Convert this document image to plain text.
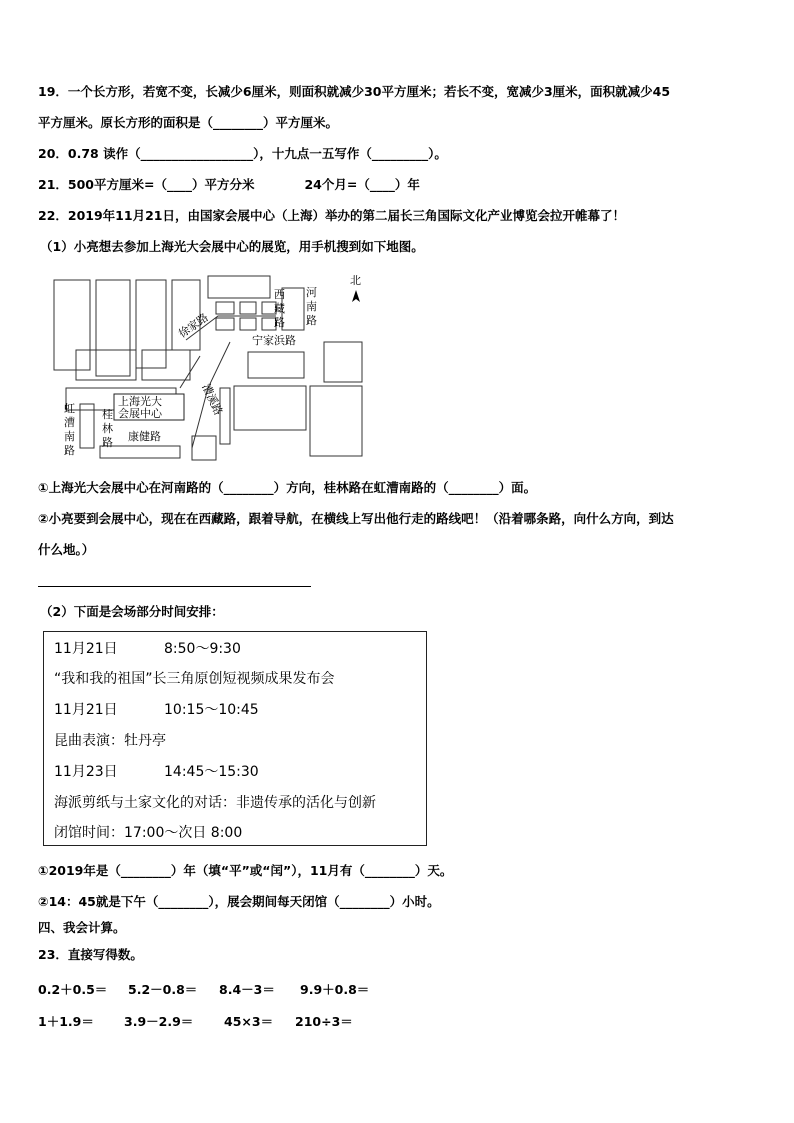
19．一个长方形，若宽不变，长减少6厘米，则面积就减少30平方厘米；若长不变，宽减少3厘米，面积就减少45
平方厘米。原长方形的面积是（________）平方厘米。
20．0.78 读作（__________________），十九点一五写作（_________）。
21．500平方厘米=（____）平方分米　　　　24个月=（____）年
22．2019年11月21日，由国家会展中心（上海）举办的第二届长三角国际文化产业博览会拉开帷幕了！
（1）小亮想去参加上海光大会展中心的展览，用手机搜到如下地图。
上海光大
会展中心
康健路
宁家浜路
徐家路
漕溪路
西
藏
路
河
南
路
桂
林
路
虹
漕
南
路
北
①上海光大会展中心在河南路的（________）方向，桂林路在虹漕南路的（________）面。
②小亮要到会展中心，现在在西藏路，跟着导航，在横线上写出他行走的路线吧！（沿着哪条路，向什么方向，到达
什么地。）
（2）下面是会场部分时间安排：
11月21日	8:50～9:30
“我和我的祖国”长三角原创短视频成果发布会
11月21日	10:15～10:45
昆曲表演：牡丹亭
11月23日	14:45～15:30
海派剪纸与土家文化的对话：非遗传承的活化与创新
闭馆时间：17:00～次日 8:00
①2019年是（________）年（填“平”或“闰”），11月有（________）天。
②14：45就是下午（________），展会期间每天闭馆（________）小时。
四、我会计算。
23．直接写得数。
0.2＋0.5＝ 5.2－0.8＝ 8.4－3＝ 9.9＋0.8＝
1＋1.9＝ 3.9－2.9＝ 45×3＝ 210÷3＝
